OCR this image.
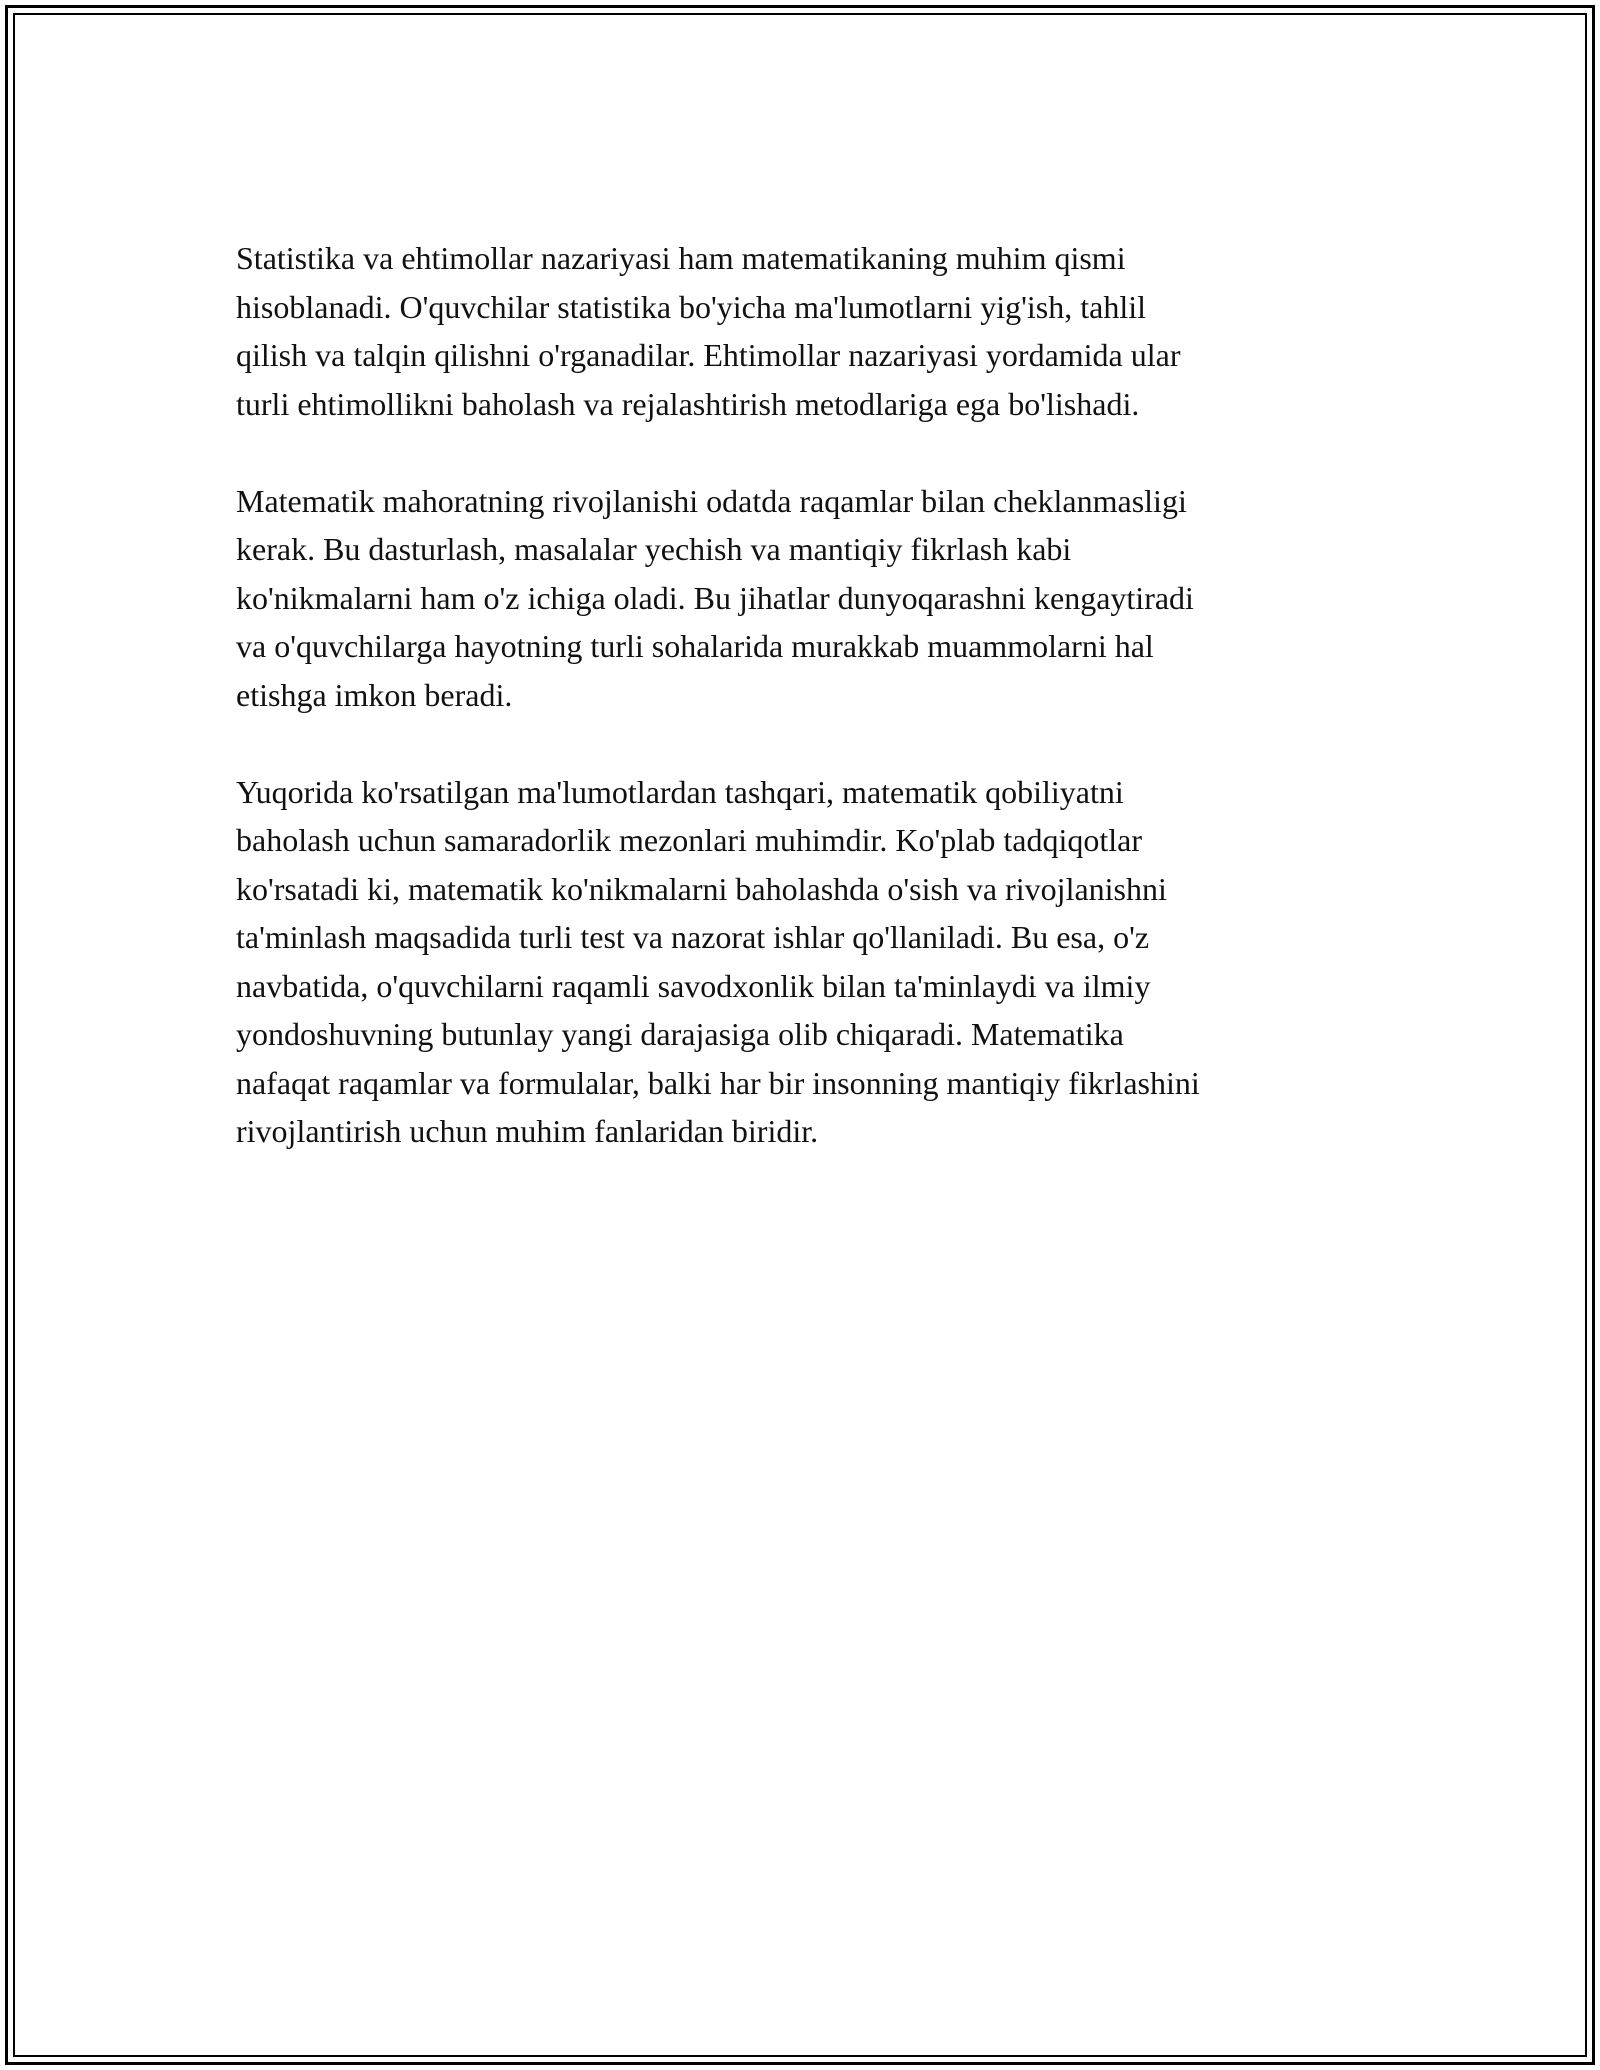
Statistika va ehtimollar nazariyasi ham matematikaning muhim qismi
hisoblanadi. O'quvchilar statistika bo'yicha ma'lumotlarni yig'ish, tahlil
qilish va talqin qilishni o'rganadilar. Ehtimollar nazariyasi yordamida ular
turli ehtimollikni baholash va rejalashtirish metodlariga ega bo'lishadi.

Matematik mahoratning rivojlanishi odatda raqamlar bilan cheklanmasligi
kerak. Bu dasturlash, masalalar yechish va mantiqiy fikrlash kabi
ko'nikmalarni ham o'z ichiga oladi. Bu jihatlar dunyoqarashni kengaytiradi
va o'quvchilarga hayotning turli sohalarida murakkab muammolarni hal
etishga imkon beradi.

Yuqorida ko'rsatilgan ma'lumotlardan tashqari, matematik qobiliyatni
baholash uchun samaradorlik mezonlari muhimdir. Ko'plab tadqiqotlar
ko'rsatadi ki, matematik ko'nikmalarni baholashda o'sish va rivojlanishni
ta'minlash maqsadida turli test va nazorat ishlar qo'llaniladi. Bu esa, o'z
navbatida, o'quvchilarni raqamli savodxonlik bilan ta'minlaydi va ilmiy
yondoshuvning butunlay yangi darajasiga olib chiqaradi. Matematika
nafaqat raqamlar va formulalar, balki har bir insonning mantiqiy fikrlashini
rivojlantirish uchun muhim fanlaridan biridir.
